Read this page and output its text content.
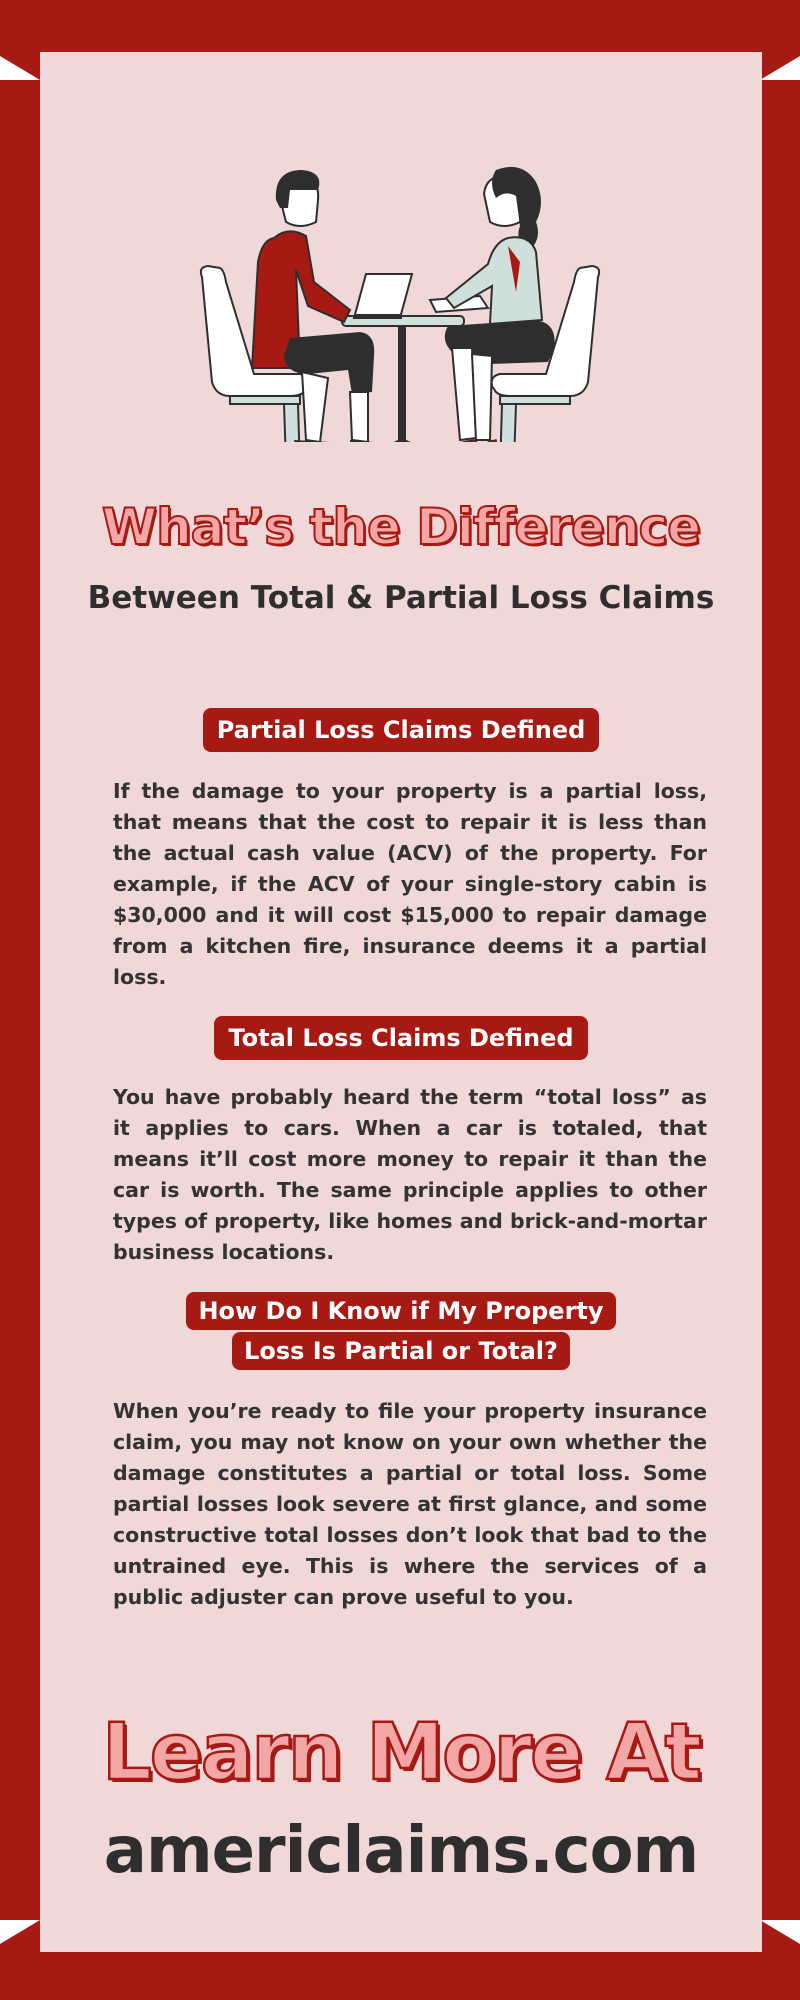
What’s the Difference
Between Total & Partial Loss Claims
Partial Loss Claims Defined
If the damage to your property is a partial loss, that means that the cost to repair it is less than the actual cash value (ACV) of the property. For example, if the ACV of your single-story cabin is $30,000 and it will cost $15,000 to repair damage from a kitchen fire, insurance deems it a partial loss.
Total Loss Claims Defined
You have probably heard the term “total loss” as it applies to cars. When a car is totaled, that means it’ll cost more money to repair it than the car is worth. The same principle applies to other types of property, like homes and brick-and-mortar business locations.
How Do I Know if My Property
Loss Is Partial or Total?
When you’re ready to file your property insurance claim, you may not know on your own whether the damage constitutes a partial or total loss. Some partial losses look severe at first glance, and some constructive total losses don’t look that bad to the untrained eye. This is where the services of a public adjuster can prove useful to you.
Learn More At
americlaims.com
